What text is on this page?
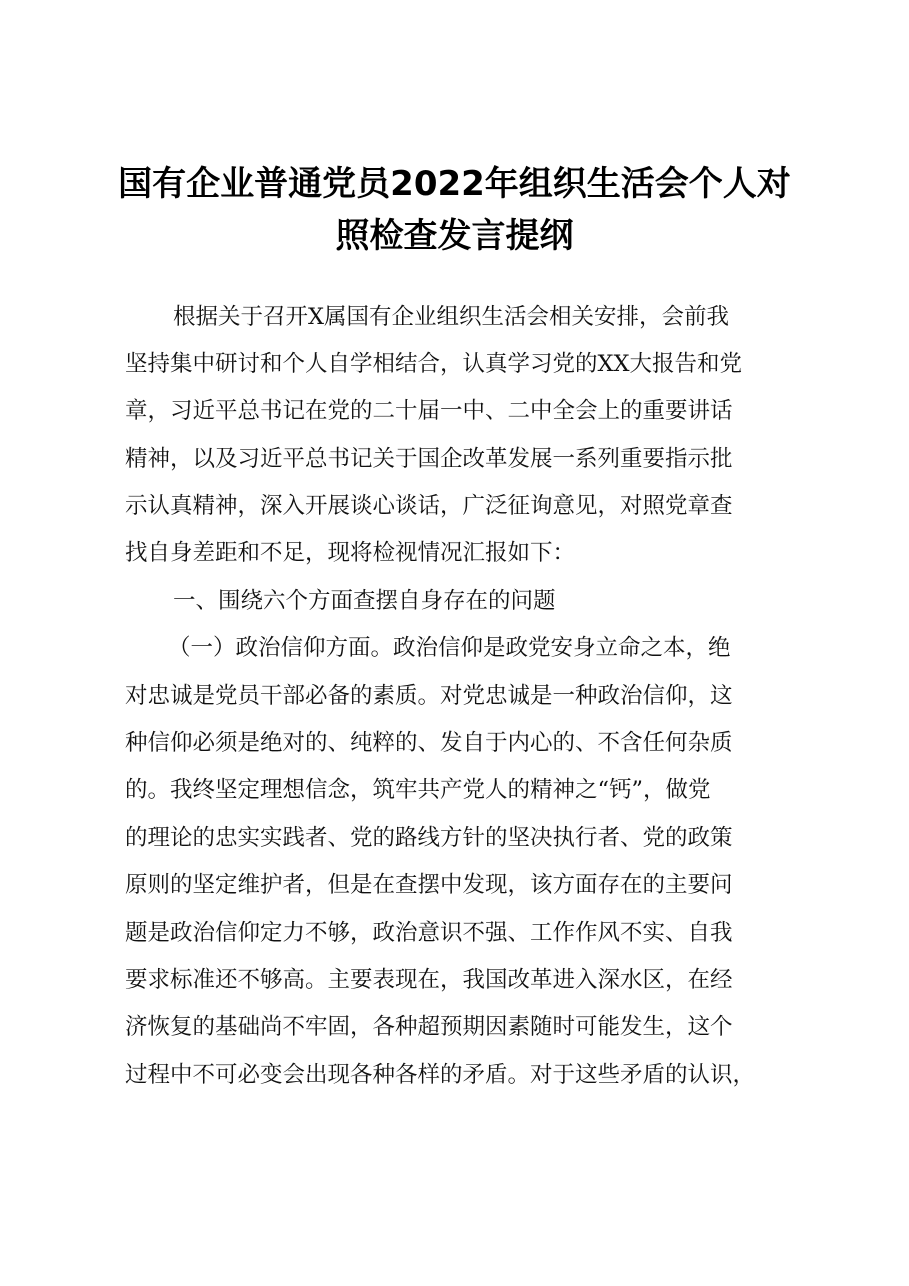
国有企业普通党员2022年组织生活会个人对
照检查发言提纲
根据关于召开X属国有企业组织生活会相关安排，会前我
坚持集中研讨和个人自学相结合，认真学习党的XX大报告和党
章，习近平总书记在党的二十届一中、二中全会上的重要讲话
精神，以及习近平总书记关于国企改革发展一系列重要指示批
示认真精神，深入开展谈心谈话，广泛征询意见，对照党章查
找自身差距和不足，现将检视情况汇报如下：
一、围绕六个方面查摆自身存在的问题
（一）政治信仰方面。政治信仰是政党安身立命之本，绝
对忠诚是党员干部必备的素质。对党忠诚是一种政治信仰，这
种信仰必须是绝对的、纯粹的、发自于内心的、不含任何杂质
的。我终坚定理想信念，筑牢共产党人的精神之“钙”，做党
的理论的忠实实践者、党的路线方针的坚决执行者、党的政策
原则的坚定维护者，但是在查摆中发现，该方面存在的主要问
题是政治信仰定力不够，政治意识不强、工作作风不实、自我
要求标准还不够高。主要表现在，我国改革进入深水区，在经
济恢复的基础尚不牢固，各种超预期因素随时可能发生，这个
过程中不可必变会出现各种各样的矛盾。对于这些矛盾的认识，
